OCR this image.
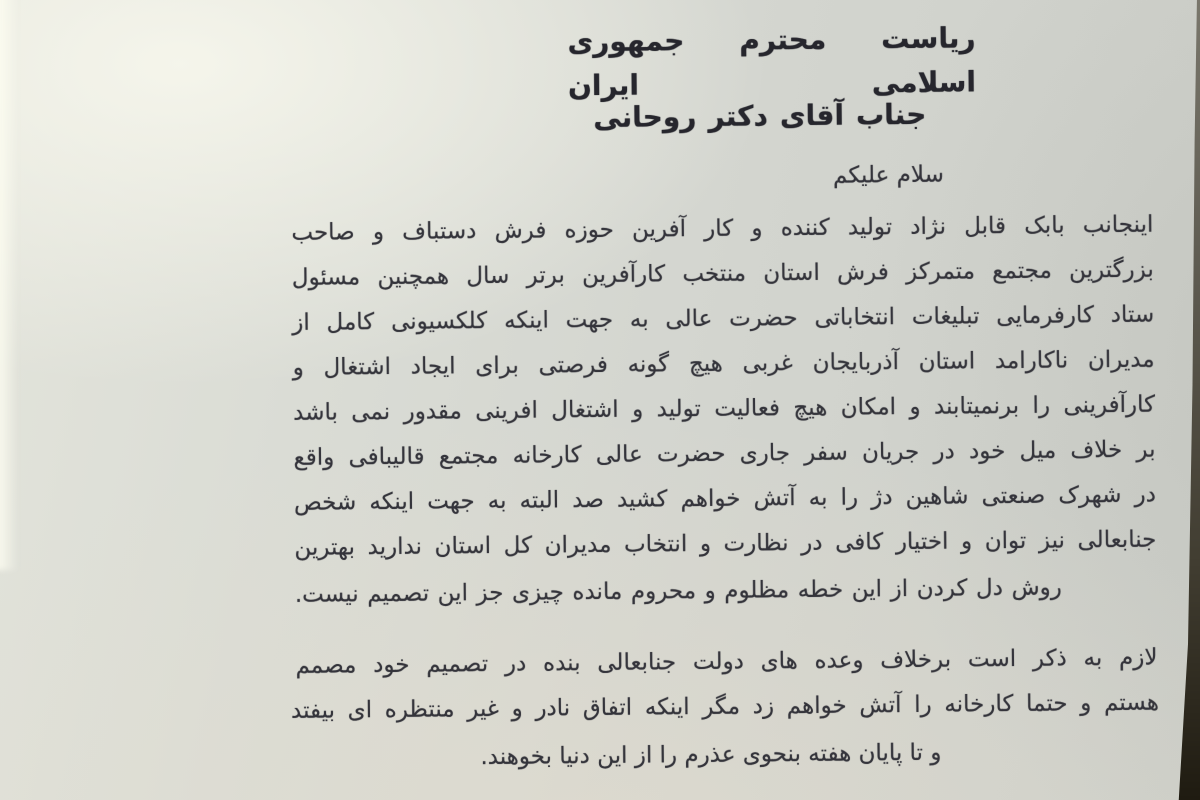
ریاست محترم جمهوری اسلامی ایران
جناب آقای دکتر روحانی
سلام علیکم
اینجانب بابک قابل نژاد تولید کننده و کار آفرین حوزه فرش دستباف و صاحب
بزرگترین مجتمع متمرکز فرش استان منتخب کارآفرین برتر سال همچنین مسئول
ستاد کارفرمایی تبلیغات انتخاباتی حضرت عالی به جهت اینکه کلکسیونی کامل از
مدیران ناکارامد استان آذربایجان غربی هیچ گونه فرصتی برای ایجاد اشتغال و
کارآفرینی را برنمیتابند و امکان هیچ فعالیت تولید و اشتغال افرینی مقدور نمی باشد
بر خلاف میل خود در جریان سفر جاری حضرت عالی کارخانه مجتمع قالیبافی واقع
در شهرک صنعتی شاهین دژ را به آتش خواهم کشید صد البته به جهت اینکه شخص
جنابعالی نیز توان و اختیار کافی در نظارت و انتخاب مدیران کل استان ندارید بهترین
روش دل کردن از این خطه مظلوم و محروم مانده چیزی جز این تصمیم نیست.
لازم به ذکر است برخلاف وعده های دولت جنابعالی بنده در تصمیم خود مصمم
هستم و حتما کارخانه را آتش خواهم زد مگر اینکه اتفاق نادر و غیر منتظره ای بیفتد
و تا پایان هفته بنحوی عذرم را از این دنیا بخوهند.
